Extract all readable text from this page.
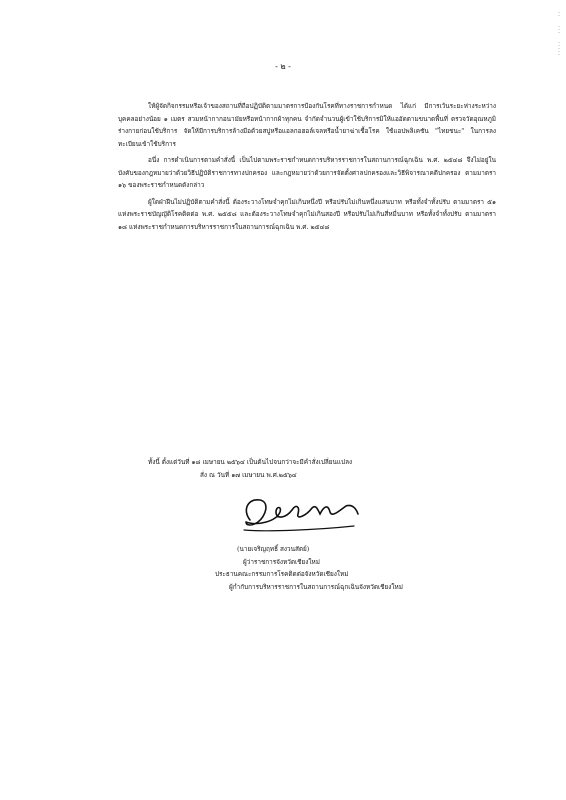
- ๒ -

ให้ผู้จัดกิจกรรมหรือเจ้าของสถานที่ถือปฏิบัติตามมาตรการป้องกันโรคที่ทางราชการกำหนด ได้แก่ มีการเว้นระยะห่างระหว่างบุคคลอย่างน้อย ๑ เมตร สวมหน้ากากอนามัยหรือหน้ากากผ้าทุกคน จำกัดจำนวนผู้เข้าใช้บริการมิให้แออัดตามขนาดพื้นที่ ตรวจวัดอุณหภูมิร่างกายก่อนใช้บริการ จัดให้มีการบริการล้างมือด้วยสบู่หรือแอลกอฮอล์เจลหรือน้ำยาฆ่าเชื้อโรค ใช้แอปพลิเคชัน "ไทยชนะ" ในการลงทะเบียนเข้าใช้บริการ

อนึ่ง การดำเนินการตามคำสั่งนี้ เป็นไปตามพระราชกำหนดการบริหารราชการในสถานการณ์ฉุกเฉิน พ.ศ. ๒๕๔๘ จึงไม่อยู่ในบังคับของกฎหมายว่าด้วยวิธีปฏิบัติราชการทางปกครอง และกฎหมายว่าด้วยการจัดตั้งศาลปกครองและวิธีพิจารณาคดีปกครอง ตามมาตรา ๑๖ ของพระราชกำหนดดังกล่าว

ผู้ใดฝ่าฝืนไม่ปฏิบัติตามคำสั่งนี้ ต้องระวางโทษจำคุกไม่เกินหนึ่งปี หรือปรับไม่เกินหนึ่งแสนบาท หรือทั้งจำทั้งปรับ ตามมาตรา ๕๑ แห่งพระราชบัญญัติโรคติดต่อ พ.ศ. ๒๕๕๘ และต้องระวางโทษจำคุกไม่เกินสองปี หรือปรับไม่เกินสี่หมื่นบาท หรือทั้งจำทั้งปรับ ตามมาตรา ๑๘ แห่งพระราชกำหนดการบริหารราชการในสถานการณ์ฉุกเฉิน พ.ศ. ๒๕๔๘

ทั้งนี้ ตั้งแต่วันที่ ๑๘ เมษายน ๒๕๖๔ เป็นต้นไปจนกว่าจะมีคำสั่งเปลี่ยนแปลง
สั่ง ณ วันที่ ๑๗ เมษายน พ.ศ.๒๕๖๔
(นายเจริญฤทธิ์ สงวนสัตย์)
ผู้ว่าราชการจังหวัดเชียงใหม่
ประธานคณะกรรมการโรคติดต่อจังหวัดเชียงใหม่
ผู้กำกับการบริหารราชการในสถานการณ์ฉุกเฉินจังหวัดเชียงใหม่
